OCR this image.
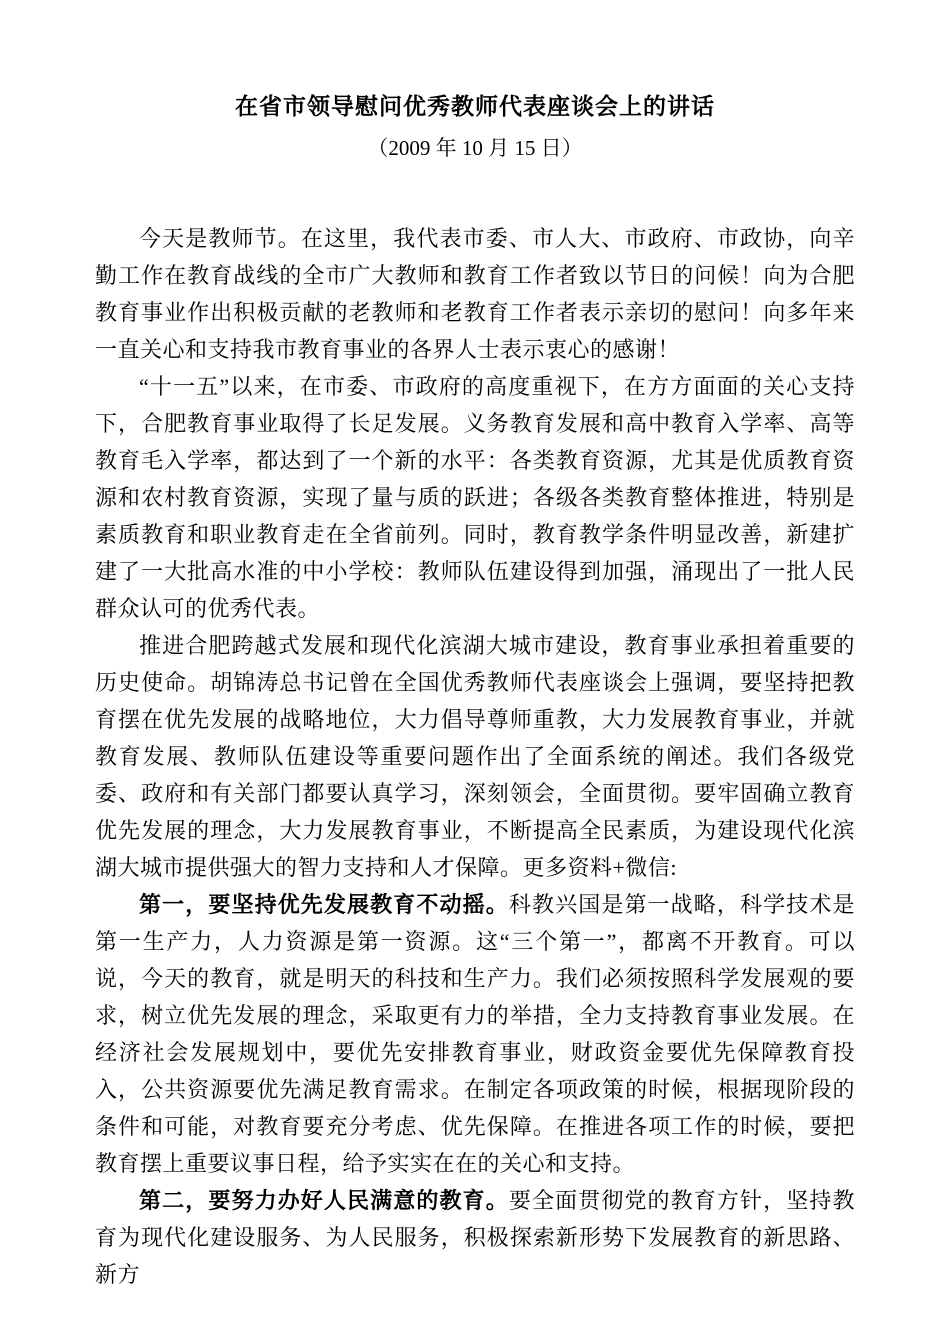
在省市领导慰问优秀教师代表座谈会上的讲话
（2009 年 10 月 15 日）

今天是教师节。在这里，我代表市委、市人大、市政府、市政协，向辛勤工作在教育战线的全市广大教师和教育工作者致以节日的问候！向为合肥教育事业作出积极贡献的老教师和老教育工作者表示亲切的慰问！向多年来一直关心和支持我市教育事业的各界人士表示衷心的感谢！

“十一五”以来，在市委、市政府的高度重视下，在方方面面的关心支持下，合肥教育事业取得了长足发展。义务教育发展和高中教育入学率、高等教育毛入学率，都达到了一个新的水平：各类教育资源，尤其是优质教育资源和农村教育资源，实现了量与质的跃进；各级各类教育整体推进，特别是素质教育和职业教育走在全省前列。同时，教育教学条件明显改善，新建扩建了一大批高水准的中小学校：教师队伍建设得到加强，涌现出了一批人民群众认可的优秀代表。

推进合肥跨越式发展和现代化滨湖大城市建设，教育事业承担着重要的历史使命。胡锦涛总书记曾在全国优秀教师代表座谈会上强调，要坚持把教育摆在优先发展的战略地位，大力倡导尊师重教，大力发展教育事业，并就教育发展、教师队伍建设等重要问题作出了全面系统的阐述。我们各级党委、政府和有关部门都要认真学习，深刻领会，全面贯彻。要牢固确立教育优先发展的理念，大力发展教育事业，不断提高全民素质，为建设现代化滨湖大城市提供强大的智力支持和人才保障。更多资料+微信:

第一，要坚持优先发展教育不动摇。科教兴国是第一战略，科学技术是第一生产力，人力资源是第一资源。这“三个第一”，都离不开教育。可以说，今天的教育，就是明天的科技和生产力。我们必须按照科学发展观的要求，树立优先发展的理念，采取更有力的举措，全力支持教育事业发展。在经济社会发展规划中，要优先安排教育事业，财政资金要优先保障教育投入，公共资源要优先满足教育需求。在制定各项政策的时候，根据现阶段的条件和可能，对教育要充分考虑、优先保障。在推进各项工作的时候，要把教育摆上重要议事日程，给予实实在在的关心和支持。

第二，要努力办好人民满意的教育。要全面贯彻党的教育方针，坚持教育为现代化建设服务、为人民服务，积极探索新形势下发展教育的新思路、新方
